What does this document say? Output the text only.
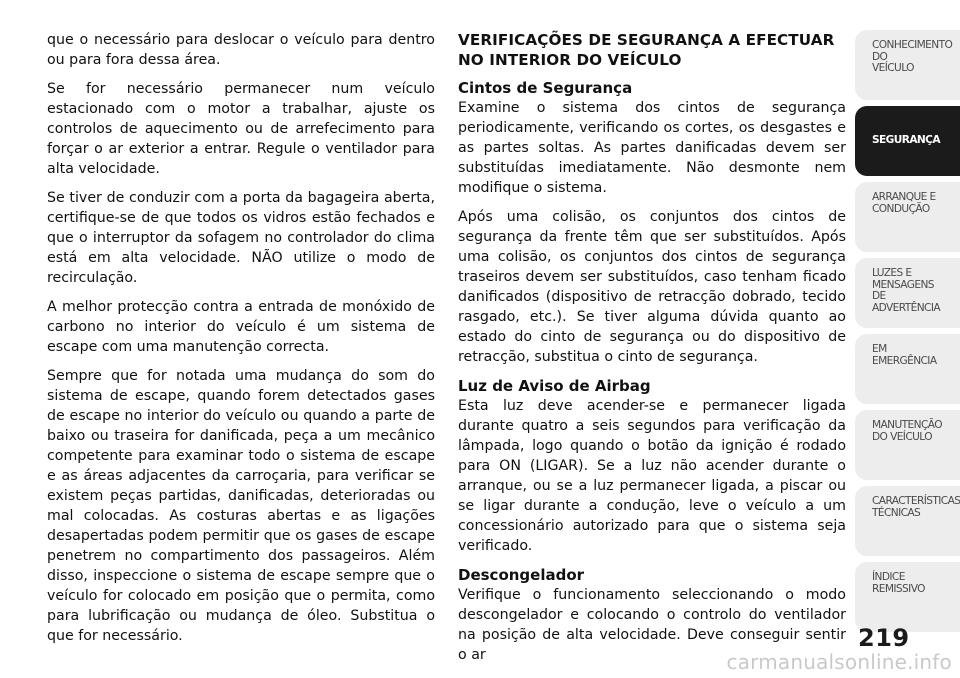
que o necessário para deslocar o veículo para dentro ou para fora dessa área.

Se for necessário permanecer num veículo estacionado com o motor a trabalhar, ajuste os controlos de aquecimento ou de arrefecimento para forçar o ar exterior a entrar. Regule o ventilador para alta velocidade.

Se tiver de conduzir com a porta da bagageira aberta, certifique-se de que todos os vidros estão fechados e que o interruptor da sofagem no controlador do clima está em alta velocidade. NÃO utilize o modo de recirculação.

A melhor protecção contra a entrada de monóxido de carbono no interior do veículo é um sistema de escape com uma manutenção correcta.

Sempre que for notada uma mudança do som do sistema de escape, quando forem detectados gases de escape no interior do veículo ou quando a parte de baixo ou traseira for danificada, peça a um mecânico competente para examinar todo o sistema de escape e as áreas adjacentes da carroçaria, para verificar se existem peças partidas, danificadas, deterioradas ou mal colocadas. As costuras abertas e as ligações desapertadas podem permitir que os gases de escape penetrem no compartimento dos passageiros. Além disso, inspeccione o sistema de escape sempre que o veículo for colocado em posição que o permita, como para lubrificação ou mudança de óleo. Substitua o que for necessário.

VERIFICAÇÕES DE SEGURANÇA A EFECTUAR NO INTERIOR DO VEÍCULO
Cintos de Segurança

Examine o sistema dos cintos de segurança periodicamente, verificando os cortes, os desgastes e as partes soltas. As partes danificadas devem ser substituídas imediatamente. Não desmonte nem modifique o sistema.

Após uma colisão, os conjuntos dos cintos de segurança da frente têm que ser substituídos. Após uma colisão, os conjuntos dos cintos de segurança traseiros devem ser substituídos, caso tenham ficado danificados (dispositivo de retracção dobrado, tecido rasgado, etc.). Se tiver alguma dúvida quanto ao estado do cinto de segurança ou do dispositivo de retracção, substitua o cinto de segurança.

Luz de Aviso de Airbag

Esta luz deve acender-se e permanecer ligada durante quatro a seis segundos para verificação da lâmpada, logo quando o botão da ignição é rodado para ON (LIGAR). Se a luz não acender durante o arranque, ou se a luz permanecer ligada, a piscar ou se ligar durante a condução, leve o veículo a um concessionário autorizado para que o sistema seja verificado.

Descongelador

Verifique o funcionamento seleccionando o modo descongelador e colocando o controlo do ventilador na posição de alta velocidade. Deve conseguir sentir o ar

CONHECIMENTO
DO
VEÍCULO
SEGURANÇA
ARRANQUE E
CONDUÇÃO
LUZES E
MENSAGENS
DE
ADVERTÊNCIA
EM
EMERGÊNCIA
MANUTENÇÃO
DO VEÍCULO
CARACTERÍSTICAS
TÉCNICAS
ÍNDICE
REMISSIVO
219
carmanualsonline.info
